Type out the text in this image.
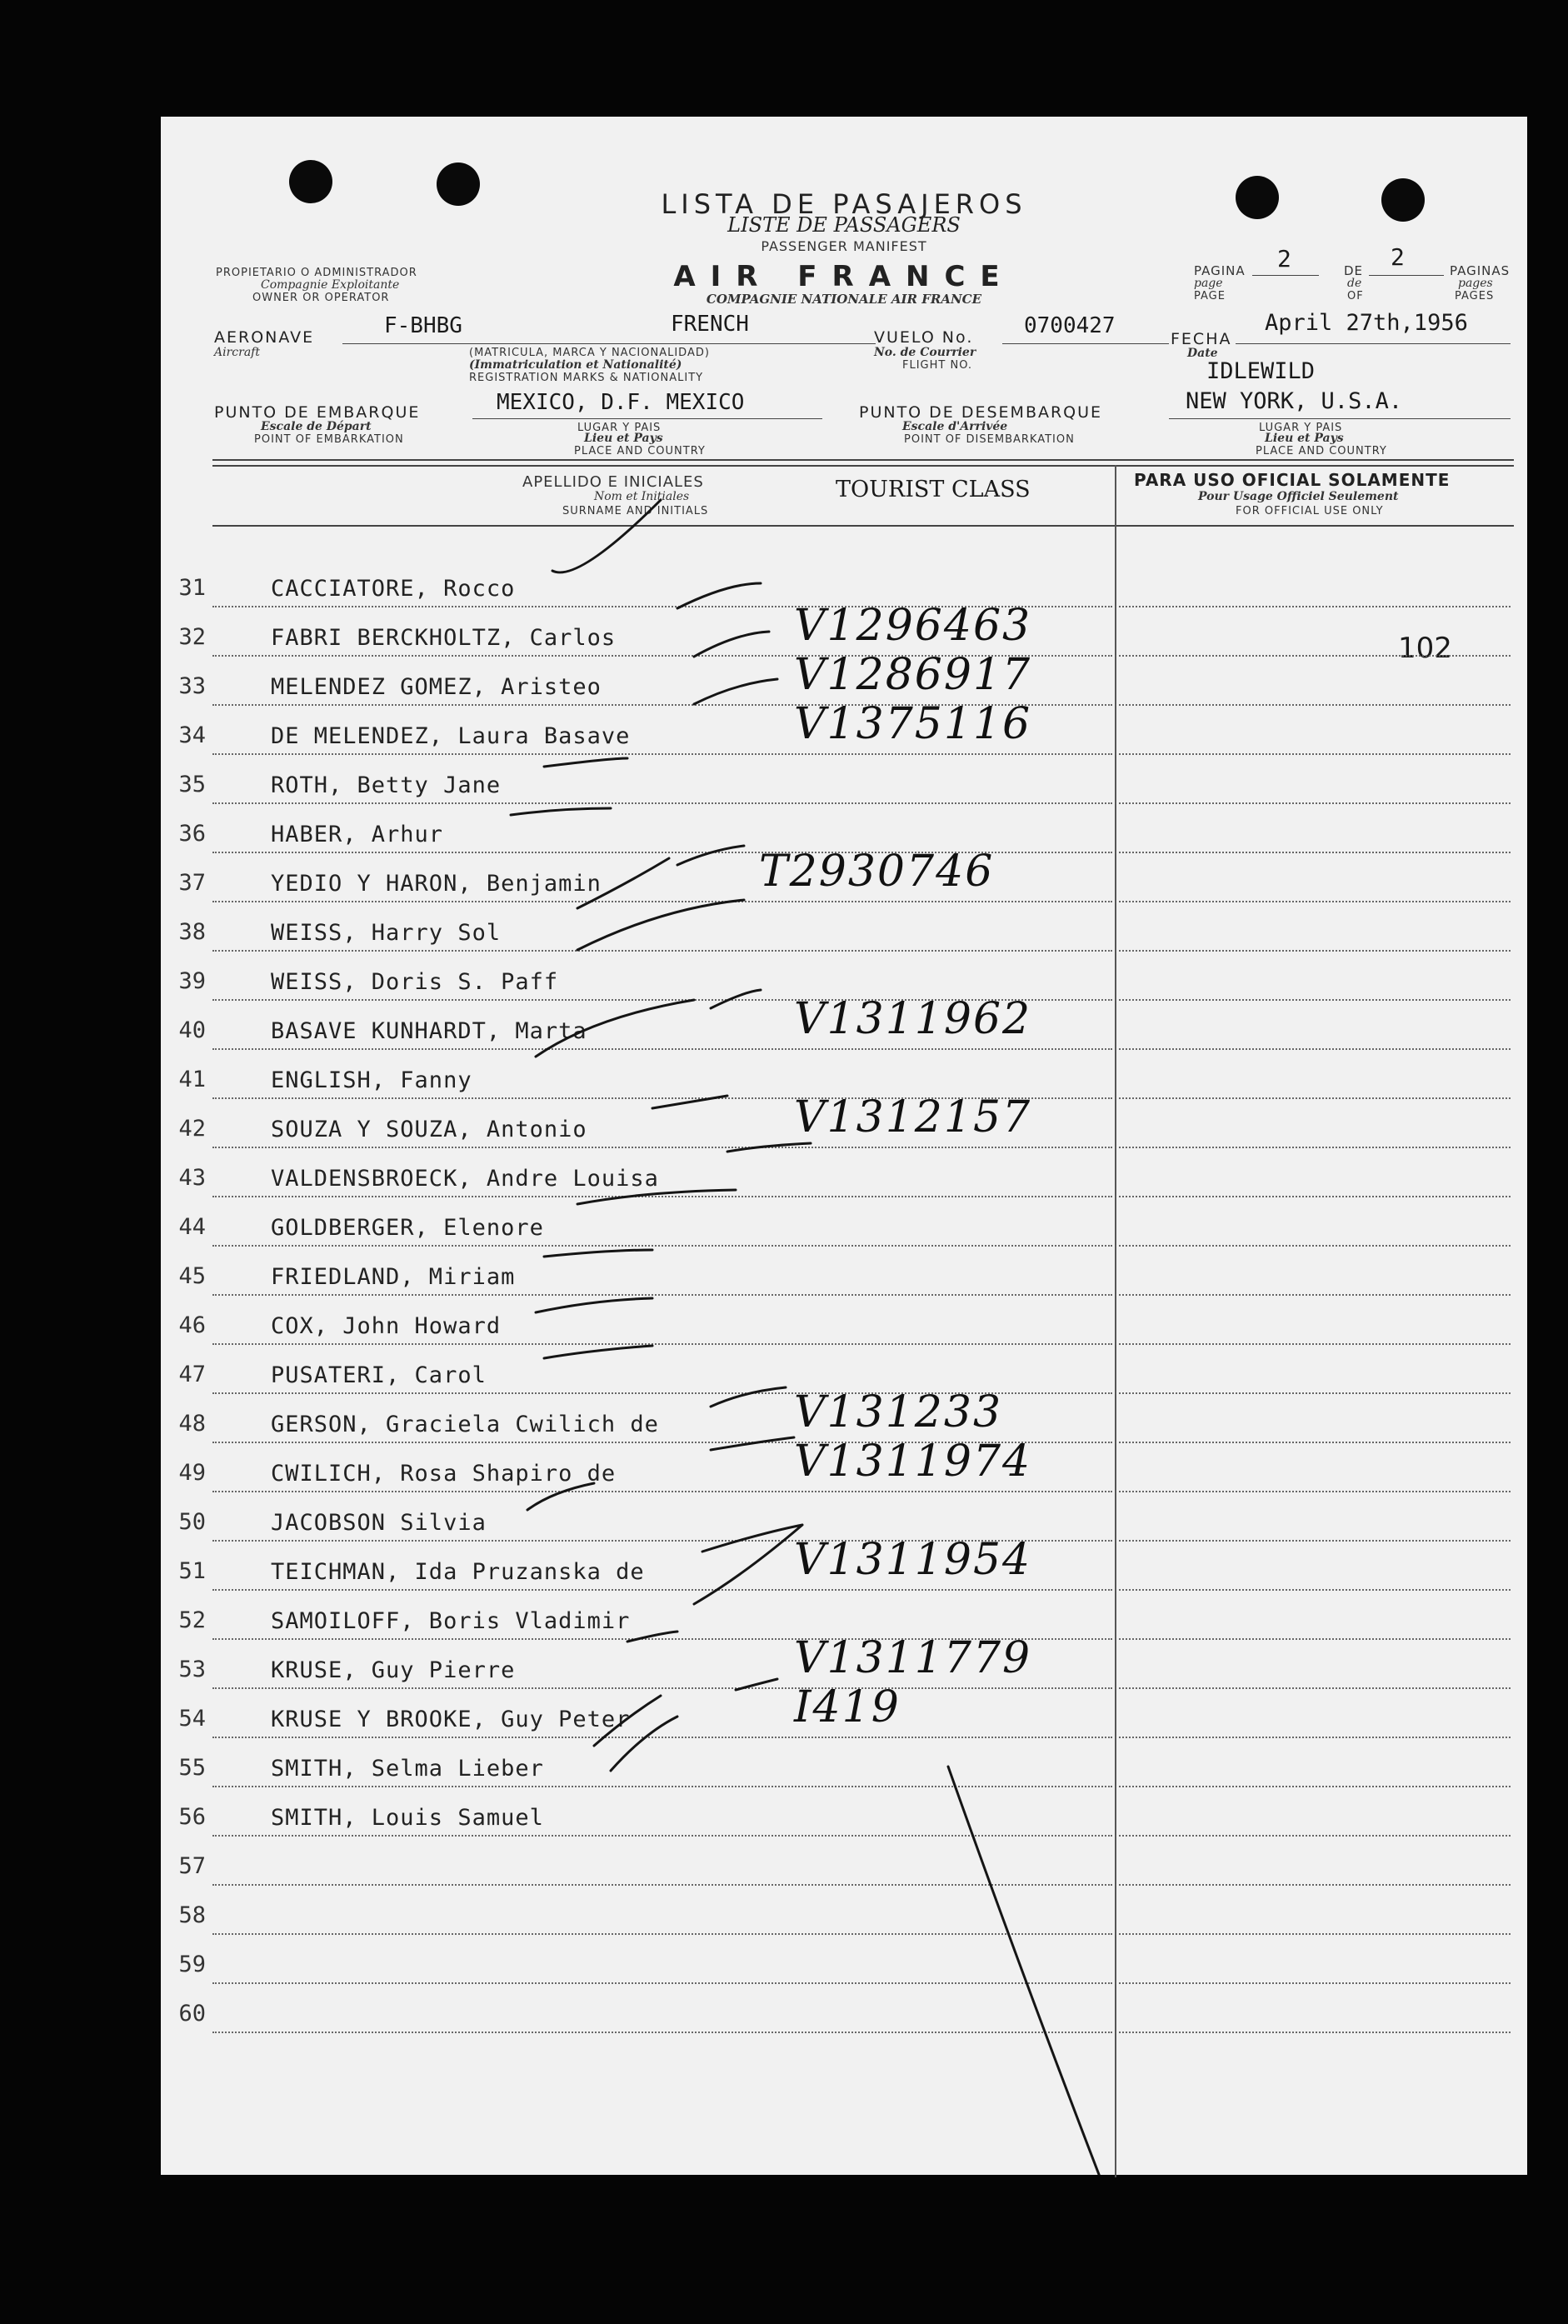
LISTA DE PASAJEROS
LISTE DE PASSAGERS
PASSENGER MANIFEST
AIR FRANCE
COMPAGNIE NATIONALE AIR FRANCE
PROPIETARIO O ADMINISTRADOR
Compagnie Exploitante
OWNER OR OPERATOR
PAGINA
page
PAGE
2	DE
de
OF
2	PAGINAS
pages
PAGES
AERONAVE
Aircraft
F-BHBG	FRENCH
(MATRICULA, MARCA Y NACIONALIDAD)
(Immatriculation et Nationalité)
REGISTRATION MARKS & NATIONALITY
VUELO No.
No. de Courrier
FLIGHT NO.
0700427
FECHA
Date
April 27th,1956
IDLEWILD
PUNTO DE EMBARQUE
Escale de Départ
POINT OF EMBARKATION
MEXICO, D.F. MEXICO
LUGAR Y PAIS
Lieu et Pays
PLACE AND COUNTRY
PUNTO DE DESEMBARQUE
Escale d'Arrivée
POINT OF DISEMBARKATION
NEW YORK, U.S.A.
LUGAR Y PAIS
Lieu et Pays
PLACE AND COUNTRY
APELLIDO E INICIALES
Nom et Initiales
SURNAME AND INITIALS
TOURIST CLASS	PARA USO OFICIAL SOLAMENTE
Pour Usage Officiel Seulement
FOR OFFICIAL USE ONLY
102
31	CACCIATORE, Rocco
32	FABRI BERCKHOLTZ, Carlos	V1296463
33	MELENDEZ GOMEZ, Aristeo	V1286917
34	DE MELENDEZ, Laura Basave	V1375116
35	ROTH, Betty Jane
36	HABER, Arhur
37	YEDIO Y HARON, Benjamin	T2930746
38	WEISS, Harry Sol
39	WEISS, Doris S. Paff
40	BASAVE KUNHARDT, Marta	V1311962
41	ENGLISH, Fanny
42	SOUZA Y SOUZA, Antonio	V1312157
43	VALDENSBROECK, Andre Louisa
44	GOLDBERGER, Elenore
45	FRIEDLAND, Miriam
46	COX, John Howard
47	PUSATERI, Carol
48	GERSON, Graciela Cwilich de	V131233
49	CWILICH, Rosa Shapiro de	V1311974
50	JACOBSON Silvia
51	TEICHMAN, Ida Pruzanska de	V1311954
52	SAMOILOFF, Boris Vladimir
53	KRUSE, Guy Pierre	V1311779
54	KRUSE Y BROOKE, Guy Peter	I419
55	SMITH, Selma Lieber
56	SMITH, Louis Samuel
57
58
59
60
